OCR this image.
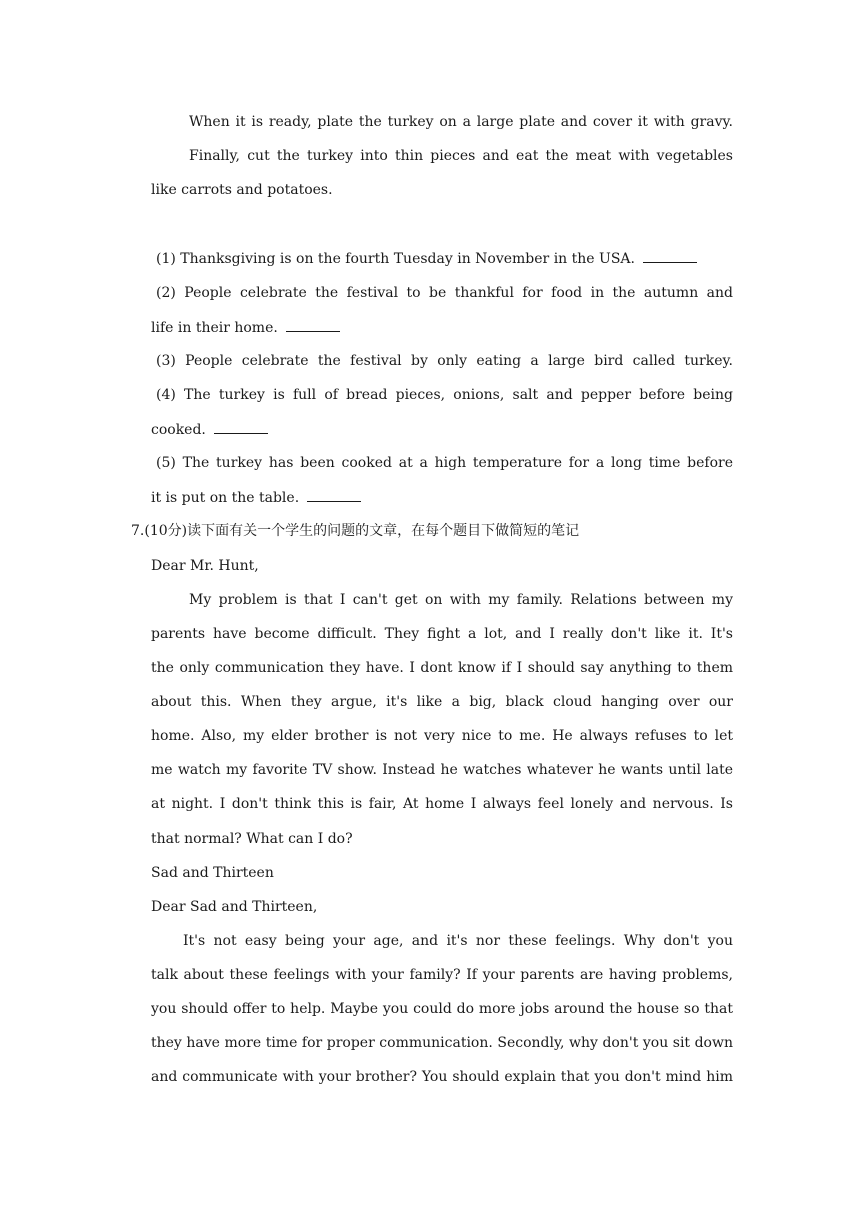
When it is ready, plate the turkey on a large plate and cover it with gravy.
Finally, cut the turkey into thin pieces and eat the meat with vegetables
like carrots and potatoes.
(1) Thanksgiving is on the fourth Tuesday in November in the USA.
(2) People celebrate the festival to be thankful for food in the autumn and
life in their home.
(3) People celebrate the festival by only eating a large bird called turkey.
(4) The turkey is full of bread pieces, onions, salt and pepper before being
cooked.
(5) The turkey has been cooked at a high temperature for a long time before
it is put on the table.
7.(10分)读下面有关一个学生的问题的文章，在每个题目下做简短的笔记
Dear Mr. Hunt,
My problem is that I can't get on with my family. Relations between my
parents have become difficult. They fight a lot, and I really don't like it. It's
the only communication they have. I dont know if I should say anything to them
about this. When they argue, it's like a big, black cloud hanging over our
home. Also, my elder brother is not very nice to me. He always refuses to let
me watch my favorite TV show. Instead he watches whatever he wants until late
at night. I don't think this is fair, At home I always feel lonely and nervous. Is
that normal? What can I do?
Sad and Thirteen
Dear Sad and Thirteen,
It's not easy being your age, and it's nor these feelings. Why don't you
talk about these feelings with your family? If your parents are having problems,
you should offer to help. Maybe you could do more jobs around the house so that
they have more time for proper communication. Secondly, why don't you sit down
and communicate with your brother? You should explain that you don't mind him
